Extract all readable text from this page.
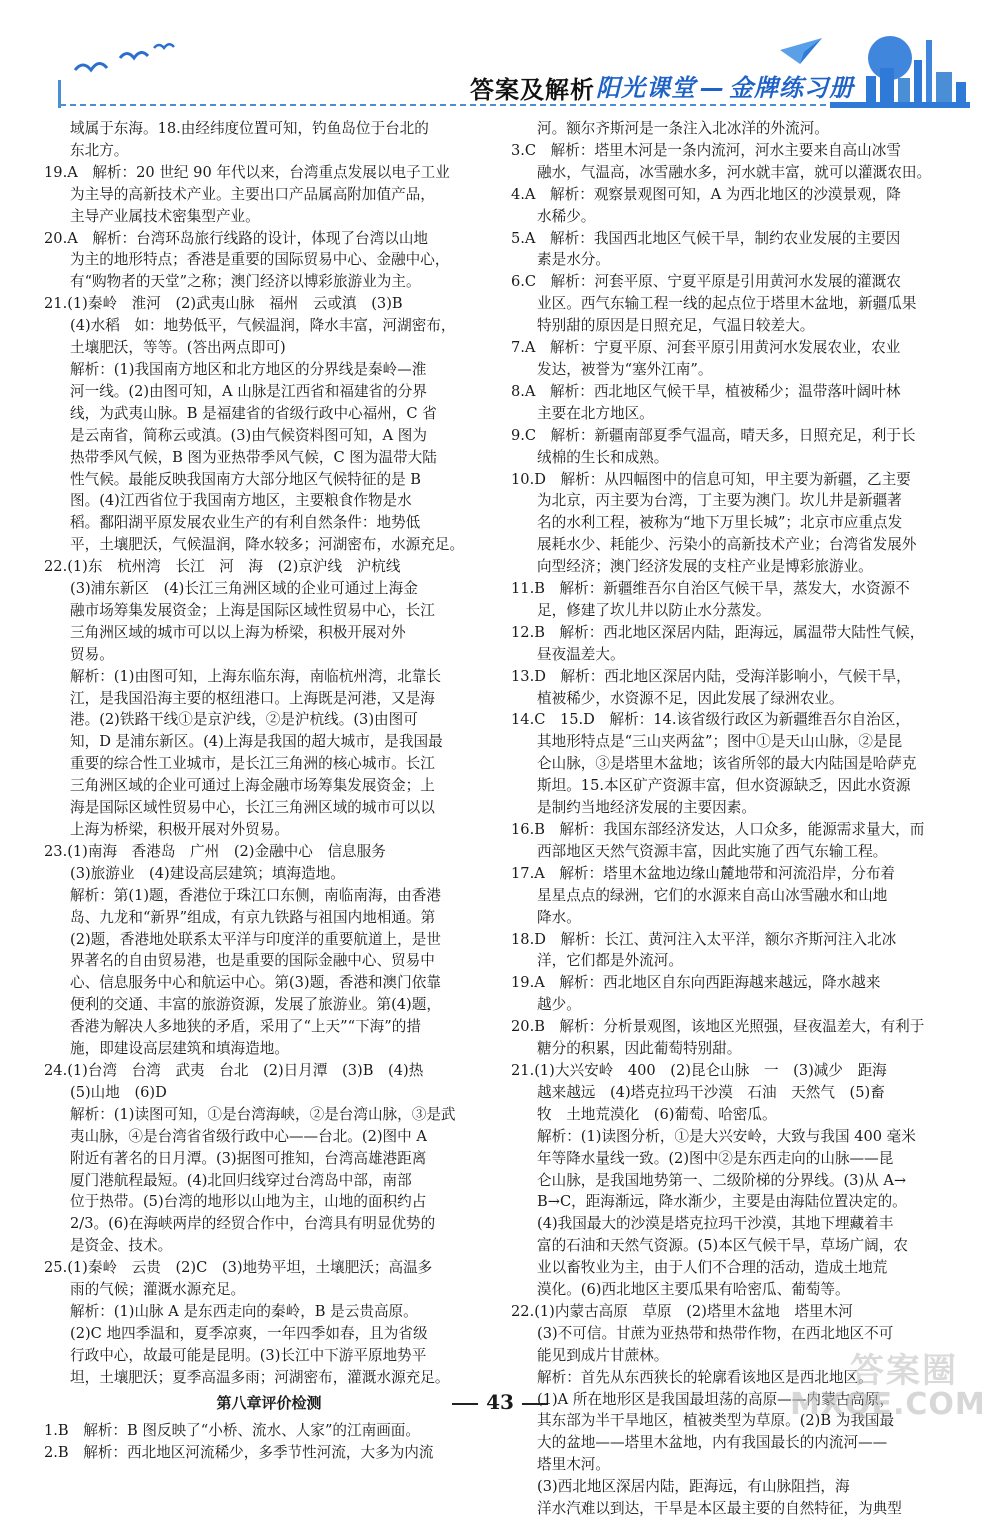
答案及解析 阳光课堂 — 金牌练习册

域属于东海。18.由经纬度位置可知，钓鱼岛位于台北的

东北方。

19.A　解析：20 世纪 90 年代以来，台湾重点发展以电子工业

为主导的高新技术产业。主要出口产品属高附加值产品，

主导产业属技术密集型产业。

20.A　解析：台湾环岛旅行线路的设计，体现了台湾以山地

为主的地形特点；香港是重要的国际贸易中心、金融中心，

有“购物者的天堂”之称；澳门经济以博彩旅游业为主。

21.(1)秦岭　淮河　(2)武夷山脉　福州　云或滇　(3)B

(4)水稻　如：地势低平，气候温润，降水丰富，河湖密布，

土壤肥沃，等等。(答出两点即可)

解析：(1)我国南方地区和北方地区的分界线是秦岭—淮

河一线。(2)由图可知，A 山脉是江西省和福建省的分界

线，为武夷山脉。B 是福建省的省级行政中心福州，C 省

是云南省，简称云或滇。(3)由气候资料图可知，A 图为

热带季风气候，B 图为亚热带季风气候，C 图为温带大陆

性气候。最能反映我国南方大部分地区气候特征的是 B

图。(4)江西省位于我国南方地区，主要粮食作物是水

稻。鄱阳湖平原发展农业生产的有利自然条件：地势低

平，土壤肥沃，气候温润，降水较多；河湖密布，水源充足。

22.(1)东　杭州湾　长江　河　海　(2)京沪线　沪杭线

(3)浦东新区　(4)长江三角洲区域的企业可通过上海金

融市场筹集发展资金；上海是国际区域性贸易中心，长江

三角洲区域的城市可以以上海为桥梁，积极开展对外

贸易。

解析：(1)由图可知，上海东临东海，南临杭州湾，北靠长

江，是我国沿海主要的枢纽港口。上海既是河港，又是海

港。(2)铁路干线①是京沪线，②是沪杭线。(3)由图可

知，D 是浦东新区。(4)上海是我国的超大城市，是我国最

重要的综合性工业城市，是长江三角洲的核心城市。长江

三角洲区域的企业可通过上海金融市场筹集发展资金；上

海是国际区域性贸易中心，长江三角洲区域的城市可以以

上海为桥梁，积极开展对外贸易。

23.(1)南海　香港岛　广州　(2)金融中心　信息服务

(3)旅游业　(4)建设高层建筑；填海造地。

解析：第(1)题，香港位于珠江口东侧，南临南海，由香港

岛、九龙和“新界”组成，有京九铁路与祖国内地相通。第

(2)题，香港地处联系太平洋与印度洋的重要航道上，是世

界著名的自由贸易港，也是重要的国际金融中心、贸易中

心、信息服务中心和航运中心。第(3)题，香港和澳门依靠

便利的交通、丰富的旅游资源，发展了旅游业。第(4)题，

香港为解决人多地狭的矛盾，采用了“上天”“下海”的措

施，即建设高层建筑和填海造地。

24.(1)台湾　台湾　武夷　台北　(2)日月潭　(3)B　(4)热

(5)山地　(6)D

解析：(1)读图可知，①是台湾海峡，②是台湾山脉，③是武

夷山脉，④是台湾省省级行政中心——台北。(2)图中 A

附近有著名的日月潭。(3)据图可推知，台湾高雄港距离

厦门港航程最短。(4)北回归线穿过台湾岛中部，南部

位于热带。(5)台湾的地形以山地为主，山地的面积约占

2/3。(6)在海峡两岸的经贸合作中，台湾具有明显优势的

是资金、技术。

25.(1)秦岭　云贵　(2)C　(3)地势平坦，土壤肥沃；高温多

雨的气候；灌溉水源充足。

解析：(1)山脉 A 是东西走向的秦岭，B 是云贵高原。

(2)C 地四季温和，夏季凉爽，一年四季如春，且为省级

行政中心，故最可能是昆明。(3)长江中下游平原地势平

坦，土壤肥沃；夏季高温多雨；河湖密布，灌溉水源充足。

第八章评价检测

1.B　解析：B 图反映了“小桥、流水、人家”的江南画面。

2.B　解析：西北地区河流稀少，多季节性河流，大多为内流

河。额尔齐斯河是一条注入北冰洋的外流河。

3.C　解析：塔里木河是一条内流河，河水主要来自高山冰雪

融水，气温高，冰雪融水多，河水就丰富，就可以灌溉农田。

4.A　解析：观察景观图可知，A 为西北地区的沙漠景观，降

水稀少。

5.A　解析：我国西北地区气候干旱，制约农业发展的主要因

素是水分。

6.C　解析：河套平原、宁夏平原是引用黄河水发展的灌溉农

业区。西气东输工程一线的起点位于塔里木盆地，新疆瓜果

特别甜的原因是日照充足，气温日较差大。

7.A　解析：宁夏平原、河套平原引用黄河水发展农业，农业

发达，被誉为“塞外江南”。

8.A　解析：西北地区气候干旱，植被稀少；温带落叶阔叶林

主要在北方地区。

9.C　解析：新疆南部夏季气温高，晴天多，日照充足，利于长

绒棉的生长和成熟。

10.D　解析：从四幅图中的信息可知，甲主要为新疆，乙主要

为北京，丙主要为台湾，丁主要为澳门。坎儿井是新疆著

名的水利工程，被称为“地下万里长城”；北京市应重点发

展耗水少、耗能少、污染小的高新技术产业；台湾省发展外

向型经济；澳门经济发展的支柱产业是博彩旅游业。

11.B　解析：新疆维吾尔自治区气候干旱，蒸发大，水资源不

足，修建了坎儿井以防止水分蒸发。

12.B　解析：西北地区深居内陆，距海远，属温带大陆性气候，

昼夜温差大。

13.D　解析：西北地区深居内陆，受海洋影响小，气候干旱，

植被稀少，水资源不足，因此发展了绿洲农业。

14.C　15.D　解析：14.该省级行政区为新疆维吾尔自治区，

其地形特点是“三山夹两盆”；图中①是天山山脉，②是昆

仑山脉，③是塔里木盆地；该省所邻的最大内陆国是哈萨克

斯坦。15.本区矿产资源丰富，但水资源缺乏，因此水资源

是制约当地经济发展的主要因素。

16.B　解析：我国东部经济发达，人口众多，能源需求量大，而

西部地区天然气资源丰富，因此实施了西气东输工程。

17.A　解析：塔里木盆地边缘山麓地带和河流沿岸，分布着

星星点点的绿洲，它们的水源来自高山冰雪融水和山地

降水。

18.D　解析：长江、黄河注入太平洋，额尔齐斯河注入北冰

洋，它们都是外流河。

19.A　解析：西北地区自东向西距海越来越远，降水越来

越少。

20.B　解析：分析景观图，该地区光照强，昼夜温差大，有利于

糖分的积累，因此葡萄特别甜。

21.(1)大兴安岭　400　(2)昆仑山脉　一　(3)减少　距海

越来越远　(4)塔克拉玛干沙漠　石油　天然气　(5)畜

牧　土地荒漠化　(6)葡萄、哈密瓜。

解析：(1)读图分析，①是大兴安岭，大致与我国 400 毫米

年等降水量线一致。(2)图中②是东西走向的山脉——昆

仑山脉，是我国地势第一、二级阶梯的分界线。(3)从 A→

B→C，距海渐远，降水渐少，主要是由海陆位置决定的。

(4)我国最大的沙漠是塔克拉玛干沙漠，其地下埋藏着丰

富的石油和天然气资源。(5)本区气候干旱，草场广阔，农

业以畜牧业为主，由于人们不合理的活动，造成土地荒

漠化。(6)西北地区主要瓜果有哈密瓜、葡萄等。

22.(1)内蒙古高原　草原　(2)塔里木盆地　塔里木河

(3)不可信。甘蔗为亚热带和热带作物，在西北地区不可

能见到成片甘蔗林。

解析：首先从东西狭长的轮廓看该地区是西北地区。

(1)A 所在地形区是我国最坦荡的高原——内蒙古高原，

其东部为半干旱地区，植被类型为草原。(2)B 为我国最

大的盆地——塔里木盆地，内有我国最长的内流河——

塔里木河。

(3)西北地区深居内陆，距海远，有山脉阻挡，海

洋水汽难以到达，干旱是本区最主要的自然特征，为典型

43
答案圈
MXQE.COM
